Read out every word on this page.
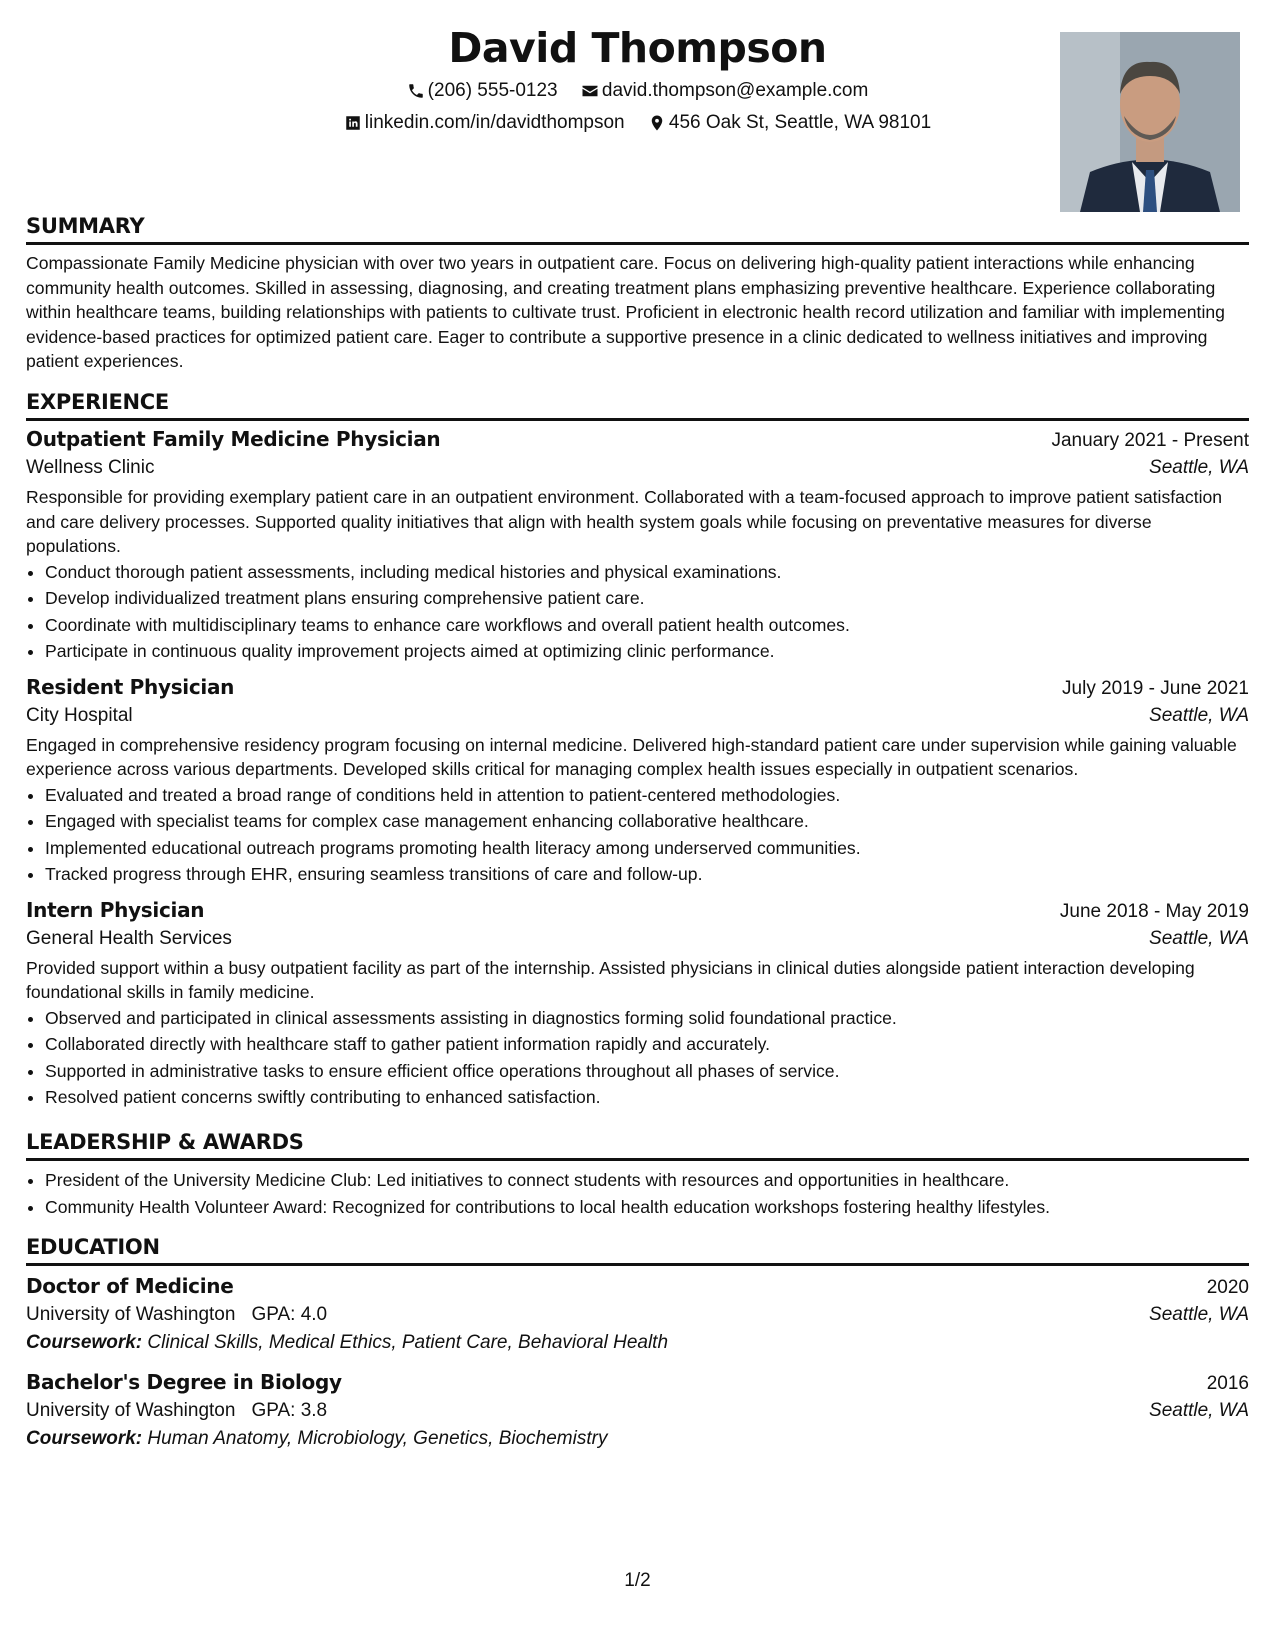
David Thompson
(206) 555-0123
david.thompson@example.com
linkedin.com/in/davidthompson
456 Oak St, Seattle, WA 98101
SUMMARY

Compassionate Family Medicine physician with over two years in outpatient care. Focus on delivering high-quality patient interactions while enhancing community health outcomes. Skilled in assessing, diagnosing, and creating treatment plans emphasizing preventive healthcare. Experience collaborating within healthcare teams, building relationships with patients to cultivate trust. Proficient in electronic health record utilization and familiar with implementing evidence-based practices for optimized patient care. Eager to contribute a supportive presence in a clinic dedicated to wellness initiatives and improving patient experiences.

EXPERIENCE
Outpatient Family Medicine Physician	January 2021 - Present
Wellness Clinic	Seattle, WA

Responsible for providing exemplary patient care in an outpatient environment. Collaborated with a team-focused approach to improve patient satisfaction and care delivery processes. Supported quality initiatives that align with health system goals while focusing on preventative measures for diverse populations.

• Conduct thorough patient assessments, including medical histories and physical examinations.
• Develop individualized treatment plans ensuring comprehensive patient care.
• Coordinate with multidisciplinary teams to enhance care workflows and overall patient health outcomes.
• Participate in continuous quality improvement projects aimed at optimizing clinic performance.
Resident Physician	July 2019 - June 2021
City Hospital	Seattle, WA

Engaged in comprehensive residency program focusing on internal medicine. Delivered high-standard patient care under supervision while gaining valuable experience across various departments. Developed skills critical for managing complex health issues especially in outpatient scenarios.

• Evaluated and treated a broad range of conditions held in attention to patient-centered methodologies.
• Engaged with specialist teams for complex case management enhancing collaborative healthcare.
• Implemented educational outreach programs promoting health literacy among underserved communities.
• Tracked progress through EHR, ensuring seamless transitions of care and follow-up.
Intern Physician	June 2018 - May 2019
General Health Services	Seattle, WA

Provided support within a busy outpatient facility as part of the internship. Assisted physicians in clinical duties alongside patient interaction developing foundational skills in family medicine.

• Observed and participated in clinical assessments assisting in diagnostics forming solid foundational practice.
• Collaborated directly with healthcare staff to gather patient information rapidly and accurately.
• Supported in administrative tasks to ensure efficient office operations throughout all phases of service.
• Resolved patient concerns swiftly contributing to enhanced satisfaction.
LEADERSHIP & AWARDS
• President of the University Medicine Club: Led initiatives to connect students with resources and opportunities in healthcare.
• Community Health Volunteer Award: Recognized for contributions to local health education workshops fostering healthy lifestyles.
EDUCATION
Doctor of Medicine	2020
University of Washington GPA: 4.0	Seattle, WA
Coursework: Clinical Skills, Medical Ethics, Patient Care, Behavioral Health
Bachelor's Degree in Biology	2016
University of Washington GPA: 3.8	Seattle, WA
Coursework: Human Anatomy, Microbiology, Genetics, Biochemistry
1/2
